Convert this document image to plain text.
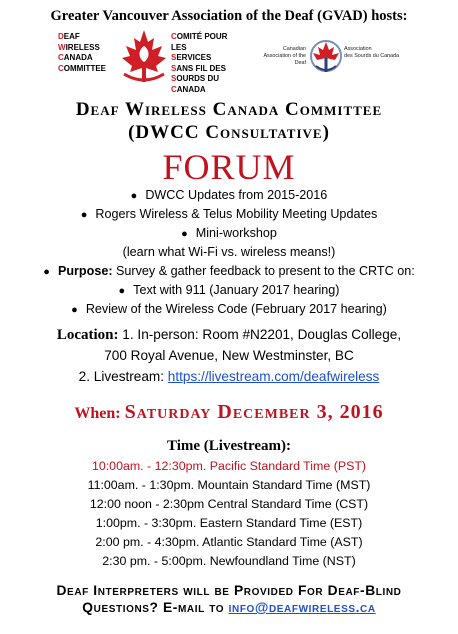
Greater Vancouver Association of the Deaf (GVAD) hosts:
DEAF
WIRELESS
CANADA
COMMITTEE
COMITÉ POUR LES
SERVICES
SANS FIL DES
SOURDS DU
CANADA
Canadian
Association of the Deaf
Association
des Sourds du Canada
Deaf Wireless Canada Committee
(DWCC Consultative)
FORUM
● DWCC Updates from 2015-2016
● Rogers Wireless & Telus Mobility Meeting Updates
● Mini-workshop
(learn what Wi-Fi vs. wireless means!)
● Purpose: Survey & gather feedback to present to the CRTC on:
● Text with 911 (January 2017 hearing)
● Review of the Wireless Code (February 2017 hearing)
Location: 1. In-person: Room #N2201, Douglas College,
700 Royal Avenue, New Westminster, BC
2. Livestream: https://livestream.com/deafwireless
When: Saturday December 3, 2016
Time (Livestream):
10:00am. - 12:30pm. Pacific Standard Time (PST)
11:00am. - 1:30pm. Mountain Standard Time (MST)
12:00 noon - 2:30pm Central Standard Time (CST)
1:00pm. - 3:30pm. Eastern Standard Time (EST)
2:00 pm. - 4:30pm. Atlantic Standard Time (AST)
2:30 pm. - 5:00pm. Newfoundland Time (NST)
Deaf Interpreters will be Provided For Deaf-Blind
Questions? E-mail to info@deafwireless.ca
